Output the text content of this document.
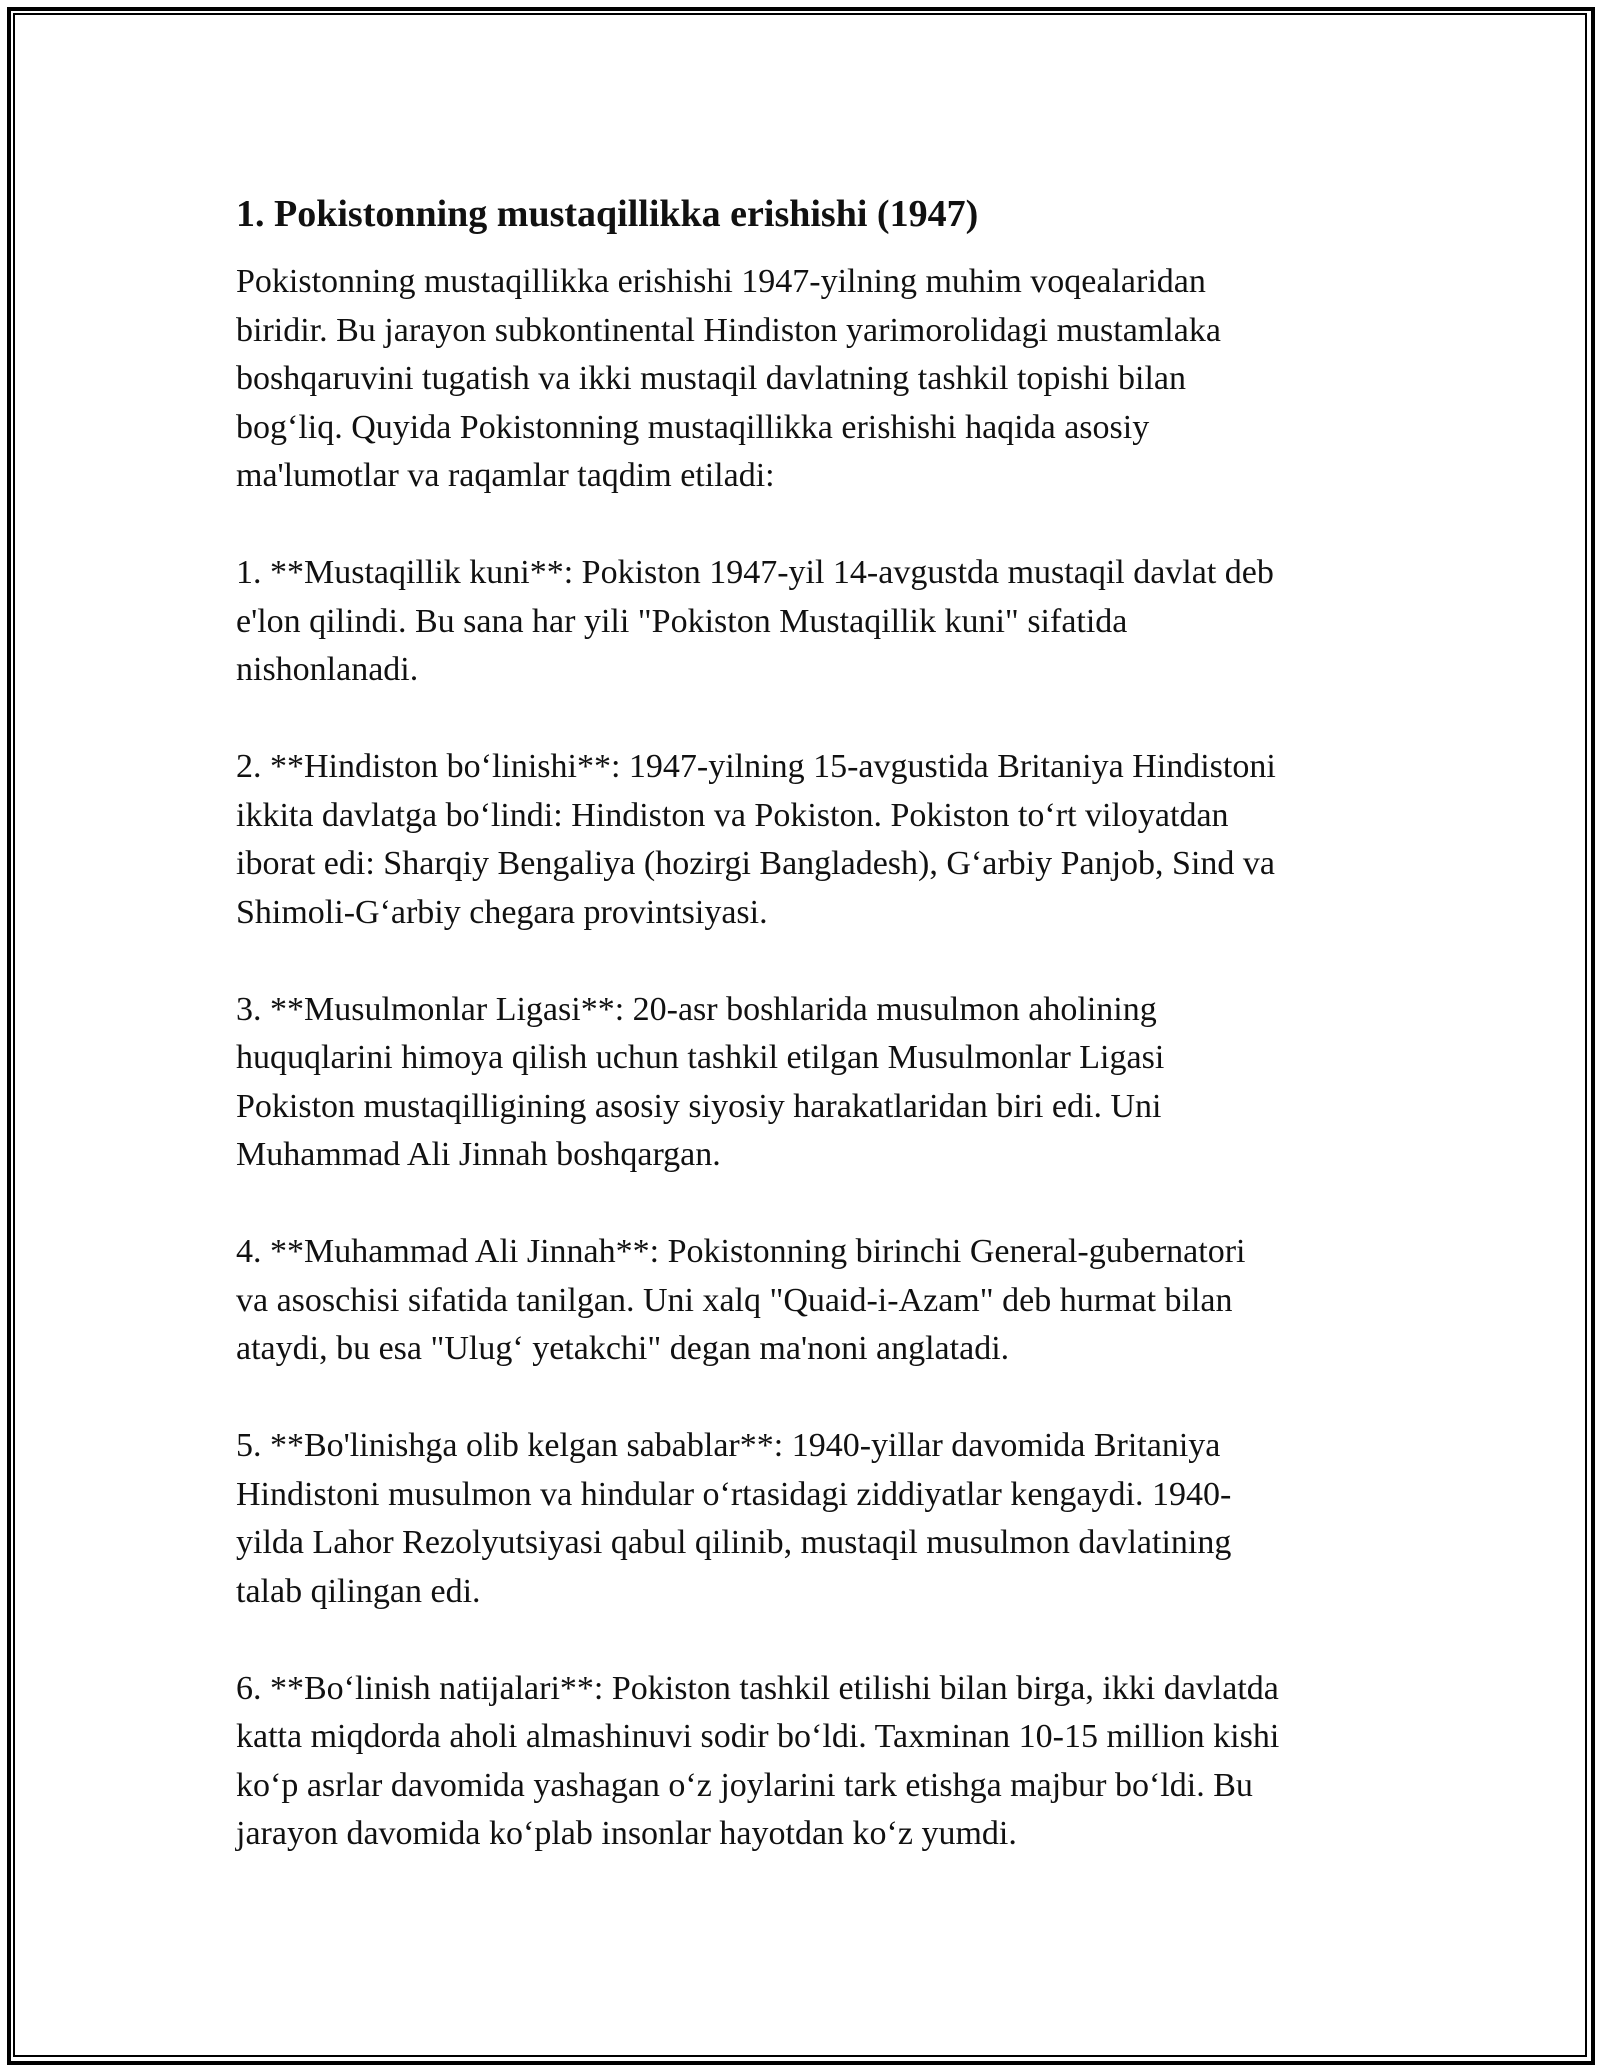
1. Pokistonning mustaqillikka erishishi (1947)

Pokistonning mustaqillikka erishishi 1947-yilning muhim voqealaridan
biridir. Bu jarayon subkontinental Hindiston yarimorolidagi mustamlaka
boshqaruvini tugatish va ikki mustaqil davlatning tashkil topishi bilan
bog‘liq. Quyida Pokistonning mustaqillikka erishishi haqida asosiy
ma'lumotlar va raqamlar taqdim etiladi:

1. **Mustaqillik kuni**: Pokiston 1947-yil 14-avgustda mustaqil davlat deb
e'lon qilindi. Bu sana har yili "Pokiston Mustaqillik kuni" sifatida
nishonlanadi.

2. **Hindiston bo‘linishi**: 1947-yilning 15-avgustida Britaniya Hindistoni
ikkita davlatga bo‘lindi: Hindiston va Pokiston. Pokiston to‘rt viloyatdan
iborat edi: Sharqiy Bengaliya (hozirgi Bangladesh), G‘arbiy Panjob, Sind va
Shimoli-G‘arbiy chegara provintsiyasi.

3. **Musulmonlar Ligasi**: 20-asr boshlarida musulmon aholining
huquqlarini himoya qilish uchun tashkil etilgan Musulmonlar Ligasi
Pokiston mustaqilligining asosiy siyosiy harakatlaridan biri edi. Uni
Muhammad Ali Jinnah boshqargan.

4. **Muhammad Ali Jinnah**: Pokistonning birinchi General-gubernatori
va asoschisi sifatida tanilgan. Uni xalq "Quaid-i-Azam" deb hurmat bilan
ataydi, bu esa "Ulug‘ yetakchi" degan ma'noni anglatadi.

5. **Bo'linishga olib kelgan sabablar**: 1940-yillar davomida Britaniya
Hindistoni musulmon va hindular o‘rtasidagi ziddiyatlar kengaydi. 1940-
yilda Lahor Rezolyutsiyasi qabul qilinib, mustaqil musulmon davlatining
talab qilingan edi.

6. **Bo‘linish natijalari**: Pokiston tashkil etilishi bilan birga, ikki davlatda
katta miqdorda aholi almashinuvi sodir bo‘ldi. Taxminan 10-15 million kishi
ko‘p asrlar davomida yashagan o‘z joylarini tark etishga majbur bo‘ldi. Bu
jarayon davomida ko‘plab insonlar hayotdan ko‘z yumdi.
